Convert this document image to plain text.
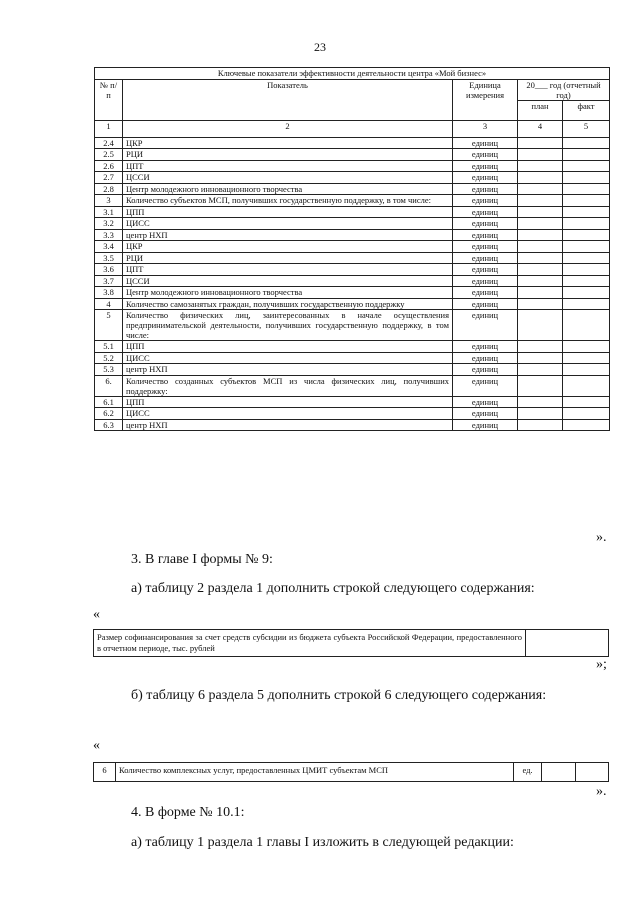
23
Ключевые показатели эффективности деятельности центра «Мой бизнес»				
№ п/п	Показатель	Единица измерения	20___ год (отчетный год)	
			план	факт
1	2	3	4	5
2.4	ЦКР	единиц		
2.5	РЦИ	единиц		
2.6	ЦПТ	единиц		
2.7	ЦССИ	единиц		
2.8	Центр молодежного инновационного творчества	единиц		
3	Количество субъектов МСП, получивших государственную поддержку, в том числе:	единиц		
3.1	ЦПП	единиц		
3.2	ЦИСС	единиц		
3.3	центр НХП	единиц		
3.4	ЦКР	единиц		
3.5	РЦИ	единиц		
3.6	ЦПТ	единиц		
3.7	ЦССИ	единиц		
3.8	Центр молодежного инновационного творчества	единиц		
4	Количество самозанятых граждан, получивших государственную поддержку	единиц		
5	Количество физических лиц, заинтересованных в начале осуществления предпринимательской деятельности, получивших государственную поддержку, в том числе:	единиц		
5.1	ЦПП	единиц		
5.2	ЦИСС	единиц		
5.3	центр НХП	единиц		
6.	Количество созданных субъектов МСП из числа физических лиц, получивших поддержку:	единиц		
6.1	ЦПП	единиц		
6.2	ЦИСС	единиц		
6.3	центр НХП	единиц		
».
3. В главе I формы № 9:
а) таблицу 2 раздела 1 дополнить строкой следующего содержания:
«
Размер софинансирования за счет средств субсидии из бюджета субъекта Российской Федерации, предоставленного в отчетном периоде, тыс. рублей	
»;
б) таблицу 6 раздела 5 дополнить строкой 6 следующего содержания:
«
6	Количество комплексных услуг, предоставленных ЦМИТ субъектам МСП	ед.		
».
4. В форме № 10.1:
а) таблицу 1 раздела 1 главы I изложить в следующей редакции:
